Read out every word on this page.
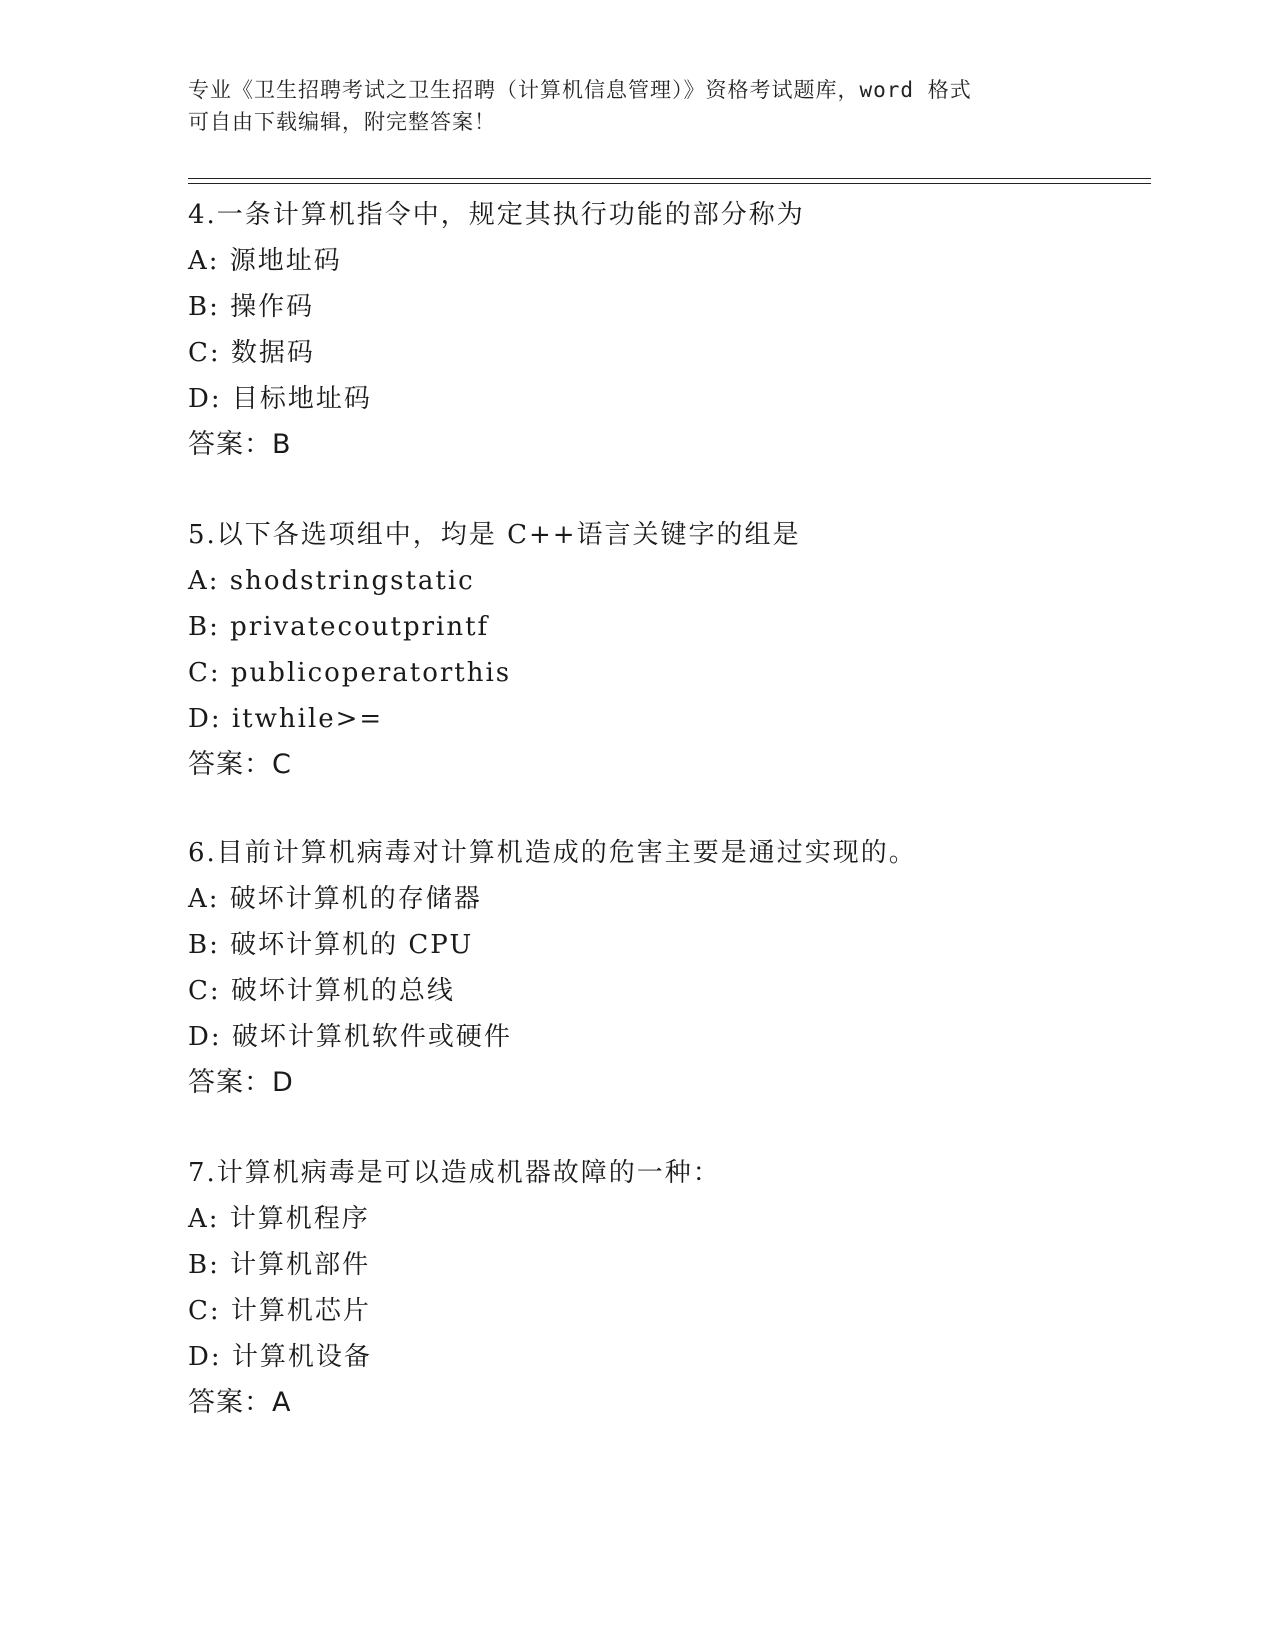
专业《卫生招聘考试之卫生招聘（计算机信息管理）》资格考试题库，word 格式
可自由下载编辑，附完整答案！
4.一条计算机指令中，规定其执行功能的部分称为
A: 源地址码
B: 操作码
C: 数据码
D: 目标地址码
答案：B
5.以下各选项组中，均是 C++语言关键字的组是
A: shodstringstatic
B: privatecoutprintf
C: publicoperatorthis
D: itwhile>=
答案：C
6.目前计算机病毒对计算机造成的危害主要是通过实现的。
A: 破坏计算机的存储器
B: 破坏计算机的 CPU
C: 破坏计算机的总线
D: 破坏计算机软件或硬件
答案：D
7.计算机病毒是可以造成机器故障的一种：
A: 计算机程序
B: 计算机部件
C: 计算机芯片
D: 计算机设备
答案：A
